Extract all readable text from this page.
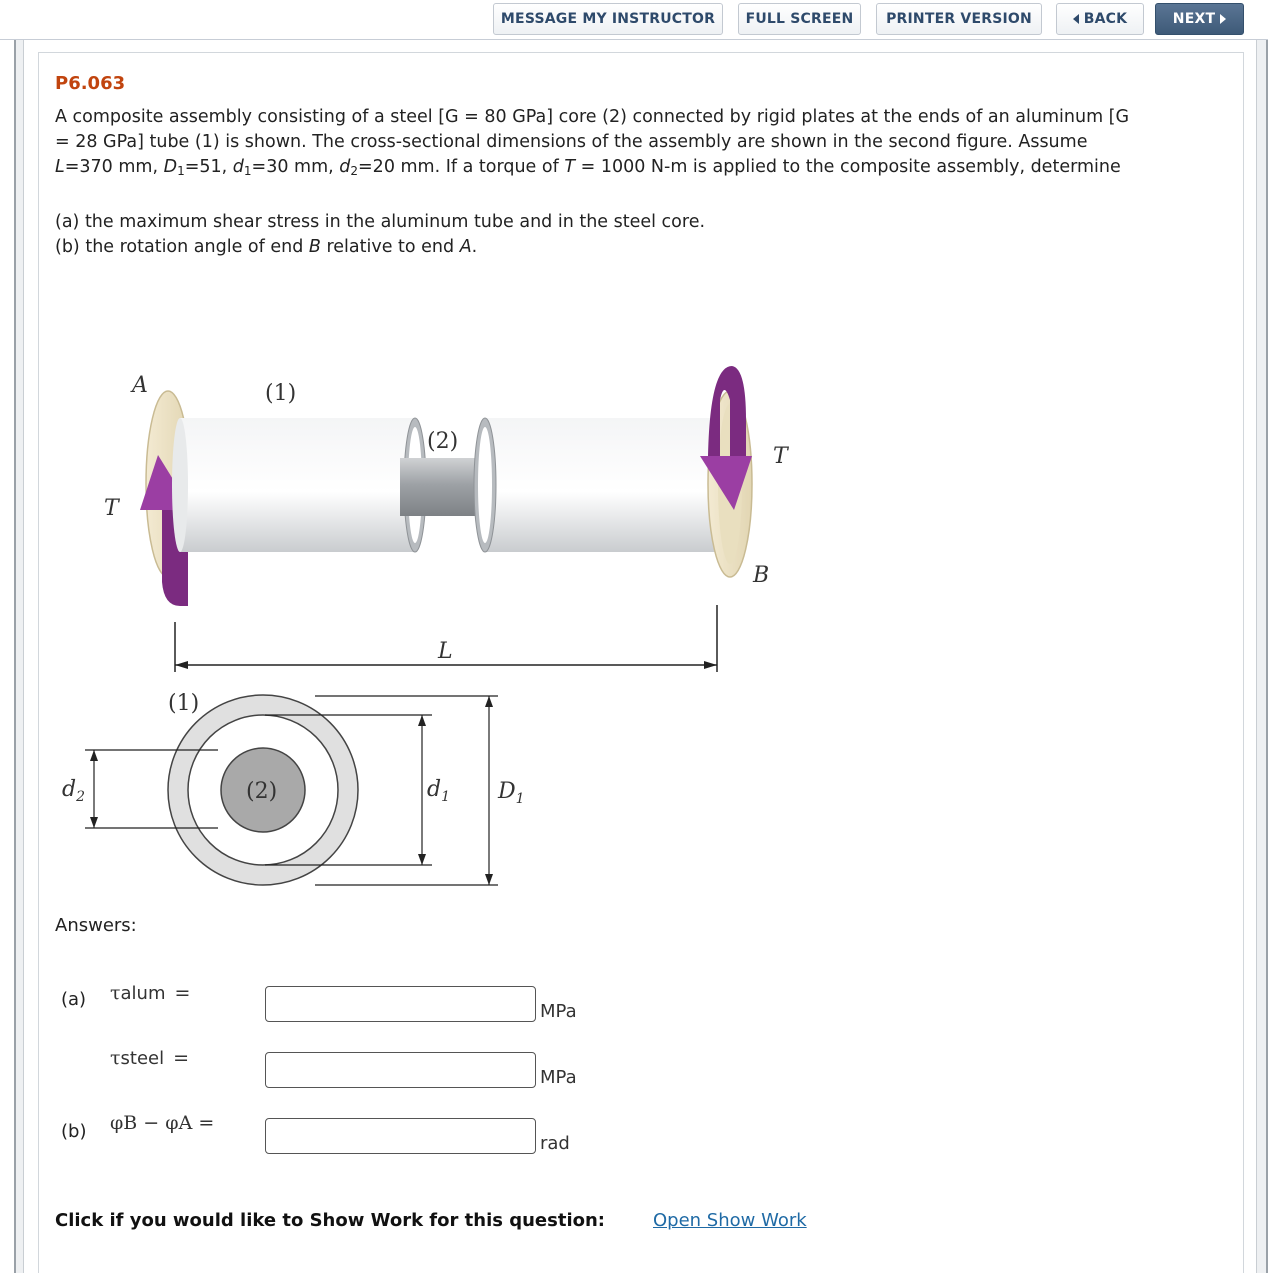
MESSAGE MY INSTRUCTOR FULL SCREEN PRINTER VERSION	BACK	NEXT
P6.063
A composite assembly consisting of a steel [G = 80 GPa] core (2) connected by rigid plates at the ends of an aluminum [G
= 28 GPa] tube (1) is shown. The cross-sectional dimensions of the assembly are shown in the second figure. Assume
L=370 mm, $D_1=51$, $d_1=30$ mm, $d_2=20$ mm. If a torque of T = 1000 N-m is applied to the composite assembly, determine
(a) the maximum shear stress in the aluminum tube and in the steel core.
(b) the rotation angle of end B relative to end A.
A	(1)
(2)
T
T
B
L
(2)
(1)
$d_2$	$d_1$ $D_1$
Answers:
(a) τalum =
MPa
τsteel =
MPa
(b) φB − φA =
rad
Click if you would like to Show Work for this question:	Open Show Work
